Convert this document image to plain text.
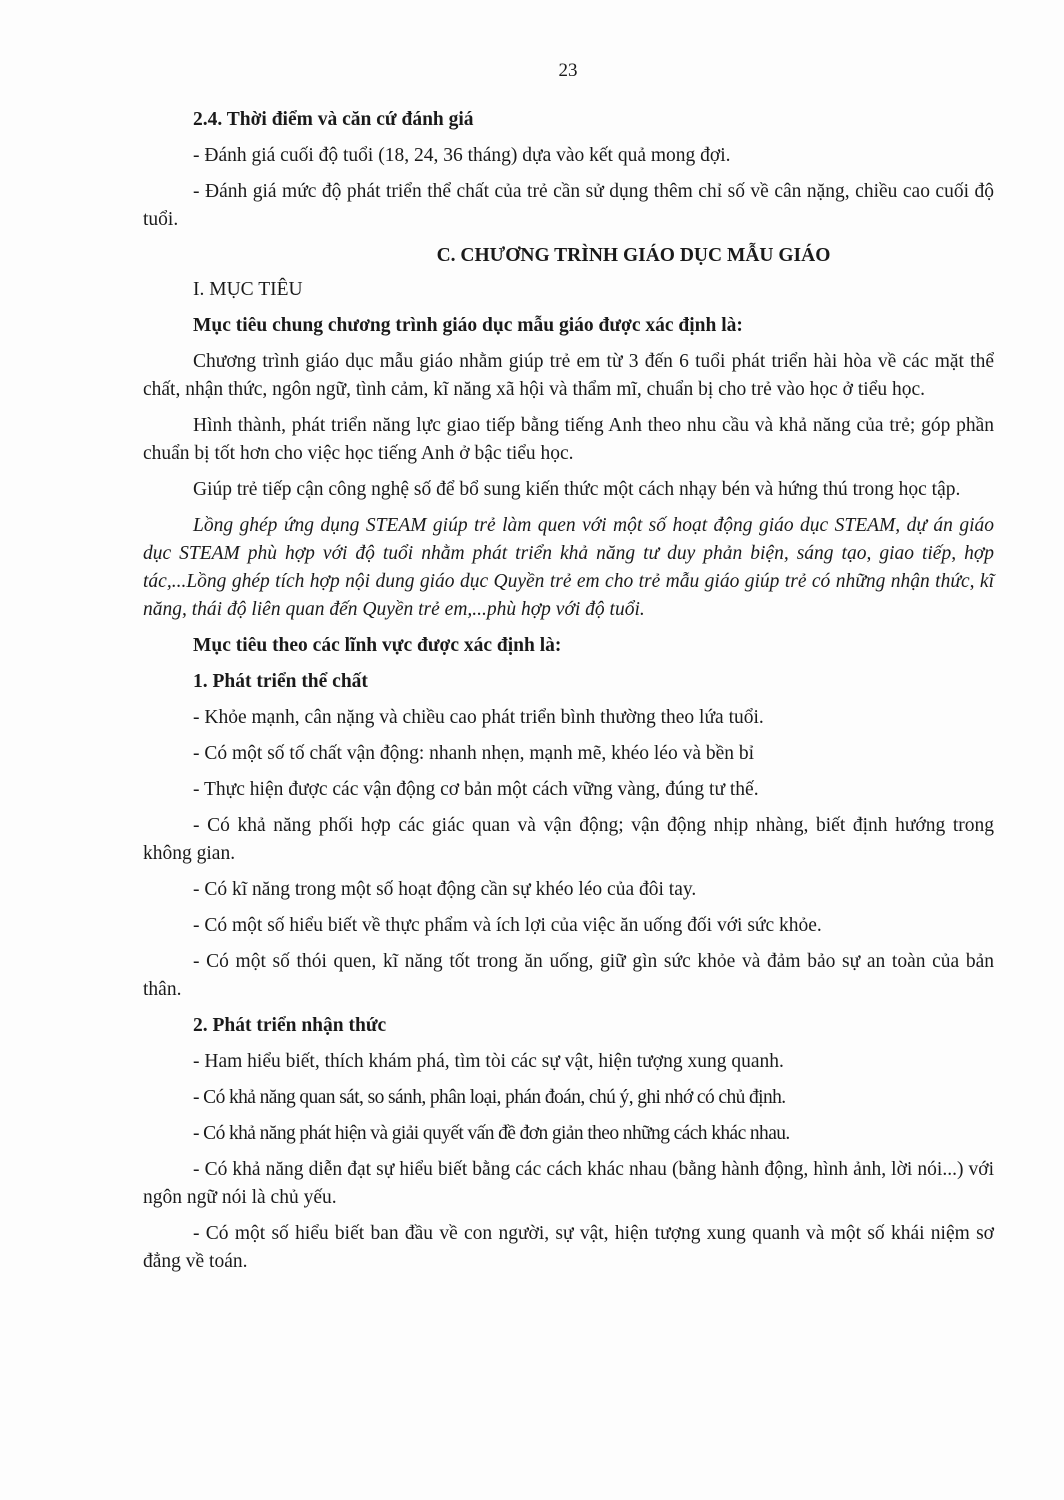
23
2.4. Thời điểm và căn cứ đánh giá
- Đánh giá cuối độ tuổi (18, 24, 36 tháng) dựa vào kết quả mong đợi.
- Đánh giá mức độ phát triển thể chất của trẻ cần sử dụng thêm chỉ số về cân nặng, chiều cao cuối độ tuổi.
C. CHƯƠNG TRÌNH GIÁO DỤC MẪU GIÁO
I. MỤC TIÊU
Mục tiêu chung chương trình giáo dục mẫu giáo được xác định là:
Chương trình giáo dục mẫu giáo nhằm giúp trẻ em từ 3 đến 6 tuổi phát triển hài hòa về các mặt thể chất, nhận thức, ngôn ngữ, tình cảm, kĩ năng xã hội và thẩm mĩ, chuẩn bị cho trẻ vào học ở tiểu học.
Hình thành, phát triển năng lực giao tiếp bằng tiếng Anh theo nhu cầu và khả năng của trẻ; góp phần chuẩn bị tốt hơn cho việc học tiếng Anh ở bậc tiểu học.
Giúp trẻ tiếp cận công nghệ số để bổ sung kiến thức một cách nhạy bén và hứng thú trong học tập.
Lồng ghép ứng dụng STEAM giúp trẻ làm quen với một số hoạt động giáo dục STEAM, dự án giáo dục STEAM phù hợp với độ tuổi nhằm phát triển khả năng tư duy phản biện, sáng tạo, giao tiếp, hợp tác,...Lồng ghép tích hợp nội dung giáo dục Quyền trẻ em cho trẻ mẫu giáo giúp trẻ có những nhận thức, kĩ năng, thái độ liên quan đến Quyền trẻ em,...phù hợp với độ tuổi.
Mục tiêu theo các lĩnh vực được xác định là:
1. Phát triển thể chất
- Khỏe mạnh, cân nặng và chiều cao phát triển bình thường theo lứa tuổi.
- Có một số tố chất vận động: nhanh nhẹn, mạnh mẽ, khéo léo và bền bỉ
- Thực hiện được các vận động cơ bản một cách vững vàng, đúng tư thế.
- Có khả năng phối hợp các giác quan và vận động; vận động nhịp nhàng, biết định hướng trong không gian.
- Có kĩ năng trong một số hoạt động cần sự khéo léo của đôi tay.
- Có một số hiểu biết về thực phẩm và ích lợi của việc ăn uống đối với sức khỏe.
- Có một số thói quen, kĩ năng tốt trong ăn uống, giữ gìn sức khỏe và đảm bảo sự an toàn của bản thân.
2. Phát triển nhận thức
- Ham hiểu biết, thích khám phá, tìm tòi các sự vật, hiện tượng xung quanh.
- Có khả năng quan sát, so sánh, phân loại, phán đoán, chú ý, ghi nhớ có chủ định.
- Có khả năng phát hiện và giải quyết vấn đề đơn giản theo những cách khác nhau.
- Có khả năng diễn đạt sự hiểu biết bằng các cách khác nhau (bằng hành động, hình ảnh, lời nói...) với ngôn ngữ nói là chủ yếu.
- Có một số hiểu biết ban đầu về con người, sự vật, hiện tượng xung quanh và một số khái niệm sơ đẳng về toán.
